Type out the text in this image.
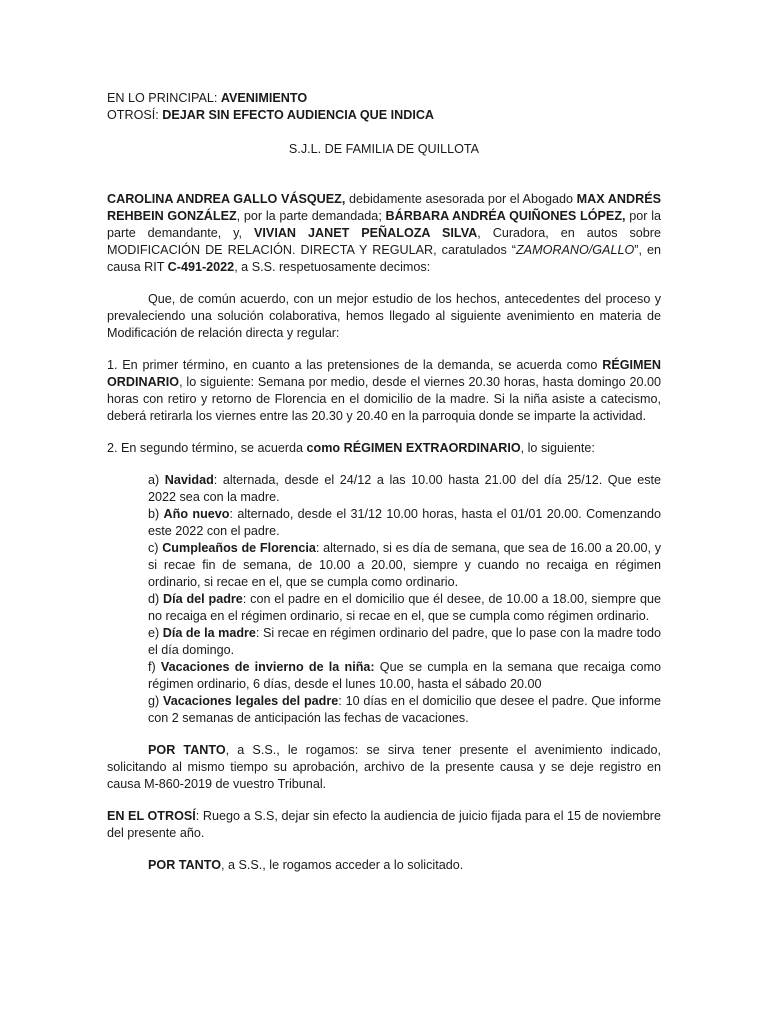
EN LO PRINCIPAL: AVENIMIENTO
OTROSÍ: DEJAR SIN EFECTO AUDIENCIA QUE INDICA
S.J.L. DE FAMILIA DE QUILLOTA

CAROLINA ANDREA GALLO VÁSQUEZ, debidamente asesorada por el Abogado MAX ANDRÉS REHBEIN GONZÁLEZ, por la parte demandada; BÁRBARA ANDRÉA QUIÑONES LÓPEZ, por la parte demandante, y, VIVIAN JANET PEÑALOZA SILVA, Curadora, en autos sobre MODIFICACIÓN DE RELACIÓN. DIRECTA Y REGULAR, caratulados “ZAMORANO/GALLO”, en causa RIT C-491-2022, a S.S. respetuosamente decimos:

Que, de común acuerdo, con un mejor estudio de los hechos, antecedentes del proceso y prevaleciendo una solución colaborativa, hemos llegado al siguiente avenimiento en materia de Modificación de relación directa y regular:

1. En primer término, en cuanto a las pretensiones de la demanda, se acuerda como RÉGIMEN ORDINARIO, lo siguiente: Semana por medio, desde el viernes 20.30 horas, hasta domingo 20.00 horas con retiro y retorno de Florencia en el domicilio de la madre. Si la niña asiste a catecismo, deberá retirarla los viernes entre las 20.30 y 20.40 en la parroquia donde se imparte la actividad.

2. En segundo término, se acuerda como RÉGIMEN EXTRAORDINARIO, lo siguiente:

a) Navidad: alternada, desde el 24/12 a las 10.00 hasta 21.00 del día 25/12. Que este 2022 sea con la madre.

b) Año nuevo: alternado, desde el 31/12 10.00 horas, hasta el 01/01 20.00. Comenzando este 2022 con el padre.

c) Cumpleaños de Florencia: alternado, si es día de semana, que sea de 16.00 a 20.00, y si recae fin de semana, de 10.00 a 20.00, siempre y cuando no recaiga en régimen ordinario, si recae en el, que se cumpla como ordinario.

d) Día del padre: con el padre en el domicilio que él desee, de 10.00 a 18.00, siempre que no recaiga en el régimen ordinario, si recae en el, que se cumpla como régimen ordinario.

e) Día de la madre: Si recae en régimen ordinario del padre, que lo pase con la madre todo el día domingo.

f) Vacaciones de invierno de la niña: Que se cumpla en la semana que recaiga como régimen ordinario, 6 días, desde el lunes 10.00, hasta el sábado 20.00

g) Vacaciones legales del padre: 10 días en el domicilio que desee el padre. Que informe con 2 semanas de anticipación las fechas de vacaciones.

POR TANTO, a S.S., le rogamos: se sirva tener presente el avenimiento indicado, solicitando al mismo tiempo su aprobación, archivo de la presente causa y se deje registro en causa M-860-2019 de vuestro Tribunal.

EN EL OTROSÍ: Ruego a S.S, dejar sin efecto la audiencia de juicio fijada para el 15 de noviembre del presente año.

POR TANTO, a S.S., le rogamos acceder a lo solicitado.
